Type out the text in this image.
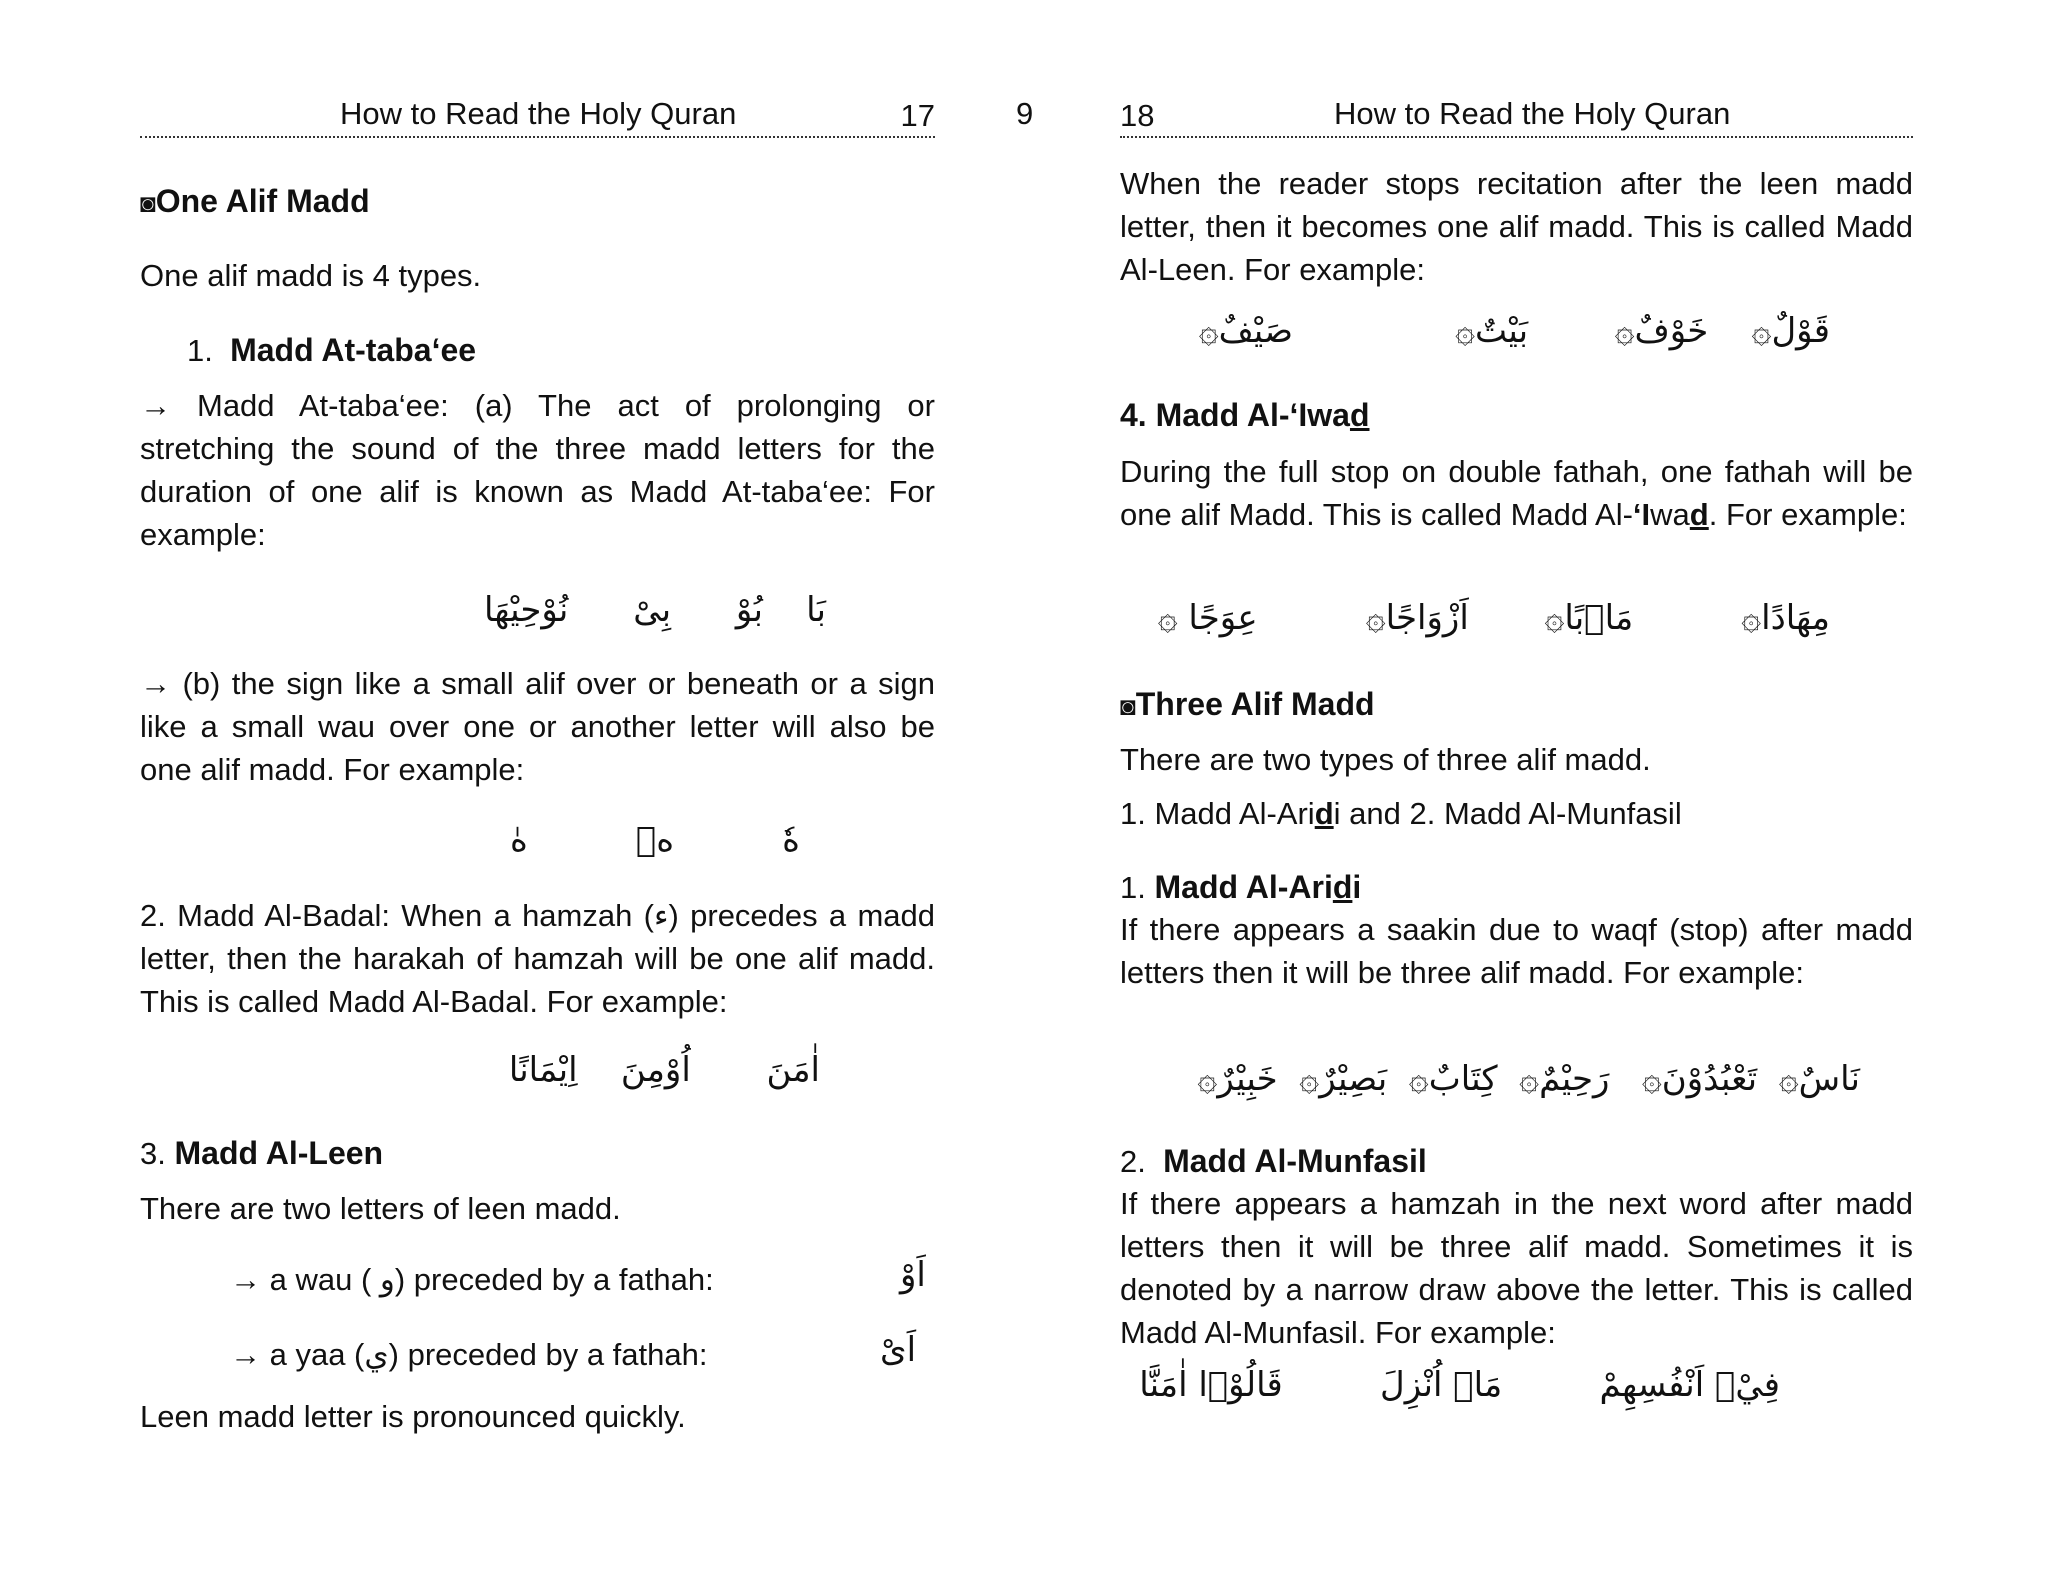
9
How to Read the Holy Quran	17
◙One Alif Madd
One alif madd is 4 types.
1. Madd At-taba‘ee
→ Madd At-taba‘ee: (a) The act of prolonging or stretching the sound of the three madd letters for the duration of one alif is known as Madd At-taba‘ee: For example:
بَا    بُوْ      بِیْ      نُوْحِيْهَا
→ (b) the sign like a small alif over or beneath or a sign like a small wau over one or another letter will also be one alif madd. For example:
هٗ          هٖ          هٰ
2. Madd Al-Badal: When a hamzah (ء) precedes a madd letter, then the harakah of hamzah will be one alif madd. This is called Madd Al-Badal. For example:
اٰمَنَ       اُوْمِنَ    اِيْمَانًا
3. Madd Al-Leen
There are two letters of leen madd.
→ a wau ( و) preceded by a fathah:	اَوْ
→ a yaa (ي) preceded by a fathah:	اَیْ
Leen madd letter is pronounced quickly.
18	How to Read the Holy Quran
When the reader stops recitation after the leen madd letter, then it becomes one alif madd. This is called Madd Al-Leen. For example:
قَوْلٌ۞    خَوْفٌ۞        بَيْتٌ۞               صَيْفٌ۞
4. Madd Al-‘Iwad
During the full stop on double fathah, one fathah will be one alif Madd. This is called Madd Al-‘Iwad. For example:
مِهَادًا۞          مَاۤبًا۞       اَزْوَاجًا۞          عِوَجًا ۞
◙Three Alif Madd
There are two types of three alif madd.
1. Madd Al-Aridi and 2. Madd Al-Munfasil
1. Madd Al-Aridi
If there appears a saakin due to waqf (stop) after madd letters then it will be three alif madd. For example:
نَاسٌ۞  تَعْبُدُوْنَ۞   رَحِيْمٌ۞  كِتَابٌ۞  بَصِيْرٌ۞  خَبِيْرٌ۞
2. Madd Al-Munfasil
If there appears a hamzah in the next word after madd letters then it will be three alif madd. Sometimes it is denoted by a narrow draw above the letter. This is called Madd Al-Munfasil. For example:
فِيْۤ اَنْفُسِهِمْ         مَاۤ اُنْزِلَ         قَالُوْۤا اٰمَنَّا
